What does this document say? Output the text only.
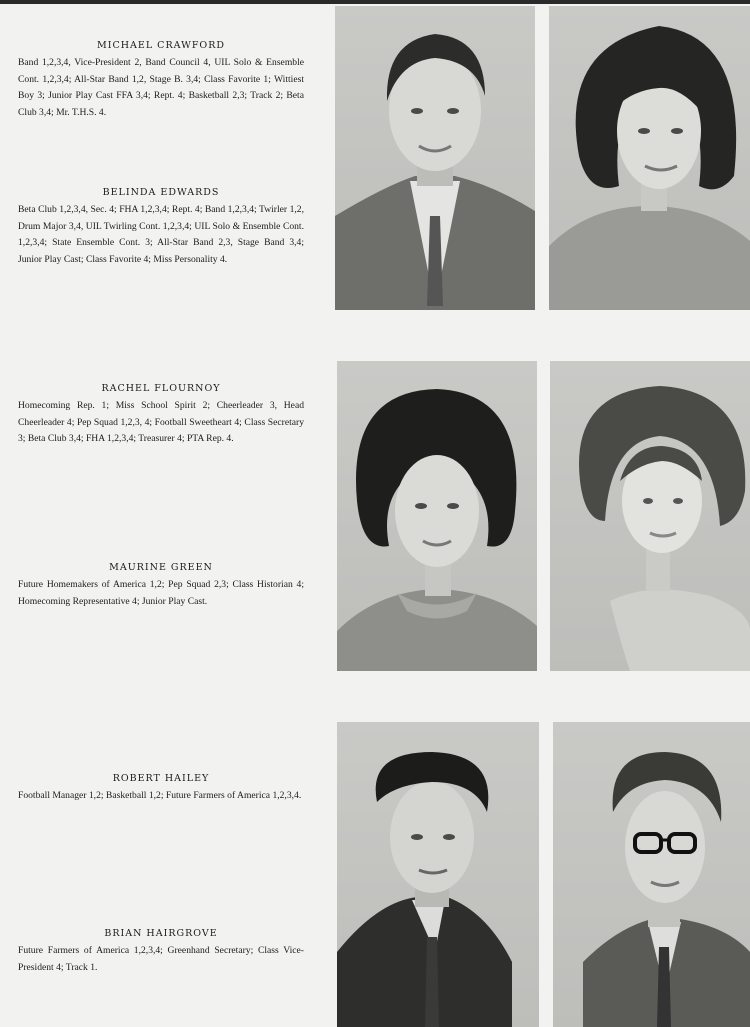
MICHAEL CRAWFORD

Band 1,2,3,4, Vice-President 2, Band Council 4, UIL Solo & Ensemble Cont. 1,2,3,4; All-Star Band 1,2, Stage B. 3,4; Class Favorite 1; Wittiest Boy 3; Junior Play Cast FFA 3,4; Rept. 4; Basketball 2,3; Track 2; Beta Club 3,4; Mr. T.H.S. 4.

BELINDA EDWARDS

Beta Club 1,2,3,4, Sec. 4; FHA 1,2,3,4; Rept. 4; Band 1,2,3,4; Twirler 1,2, Drum Major 3,4, UIL Twirling Cont. 1,2,3,4; UIL Solo & Ensemble Cont. 1,2,3,4; State Ensemble Cont. 3; All-Star Band 2,3, Stage Band 3,4; Junior Play Cast; Class Favorite 4; Miss Personality 4.

RACHEL FLOURNOY

Homecoming Rep. 1; Miss School Spirit 2; Cheerleader 3, Head Cheerleader 4; Pep Squad 1,2,3, 4; Football Sweetheart 4; Class Secretary 3; Beta Club 3,4; FHA 1,2,3,4; Treasurer 4; PTA Rep. 4.

MAURINE GREEN

Future Homemakers of America 1,2; Pep Squad 2,3; Class Historian 4; Homecoming Representative 4; Junior Play Cast.

ROBERT HAILEY

Football Manager 1,2; Basketball 1,2; Future Farmers of America 1,2,3,4.

BRIAN HAIRGROVE

Future Farmers of America 1,2,3,4; Greenhand Secretary; Class Vice-President 4; Track 1.
